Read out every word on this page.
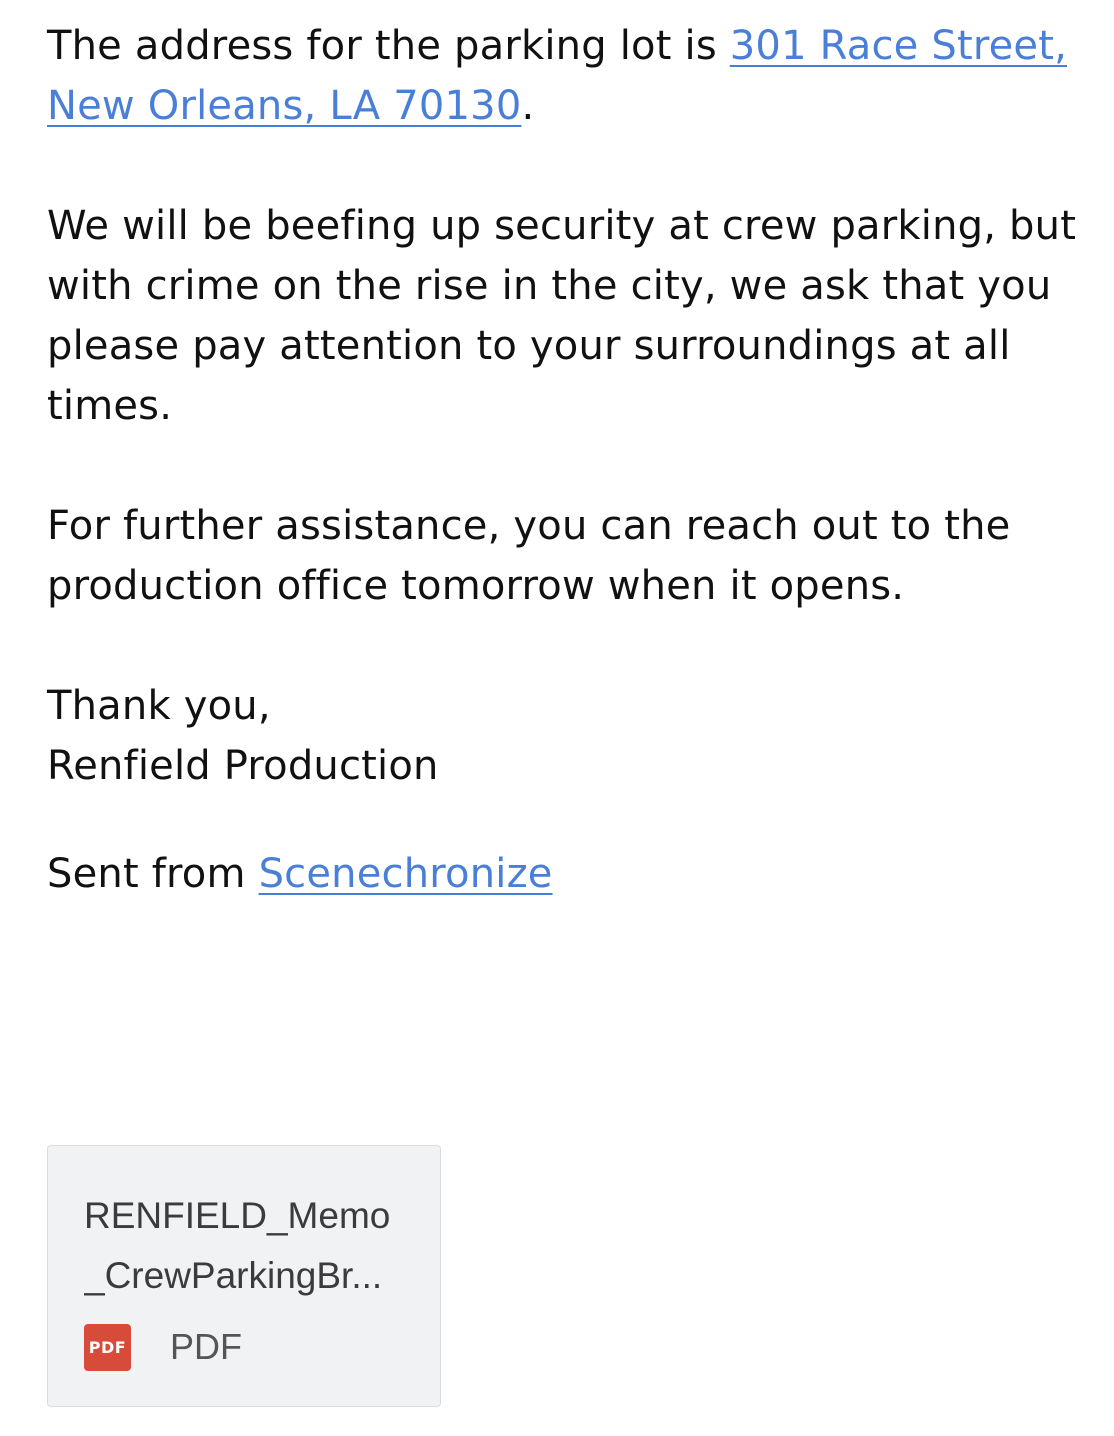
The address for the parking lot is 301 Race Street, New Orleans, LA 70130.

We will be beefing up security at crew parking, but with crime on the rise in the city, we ask that you please pay attention to your surroundings at all times.

For further assistance, you can reach out to the production office tomorrow when it opens.

Thank you,
Renfield Production

Sent from Scenechronize

RENFIELD_Memo
_CrewParkingBr...
PDF PDF
